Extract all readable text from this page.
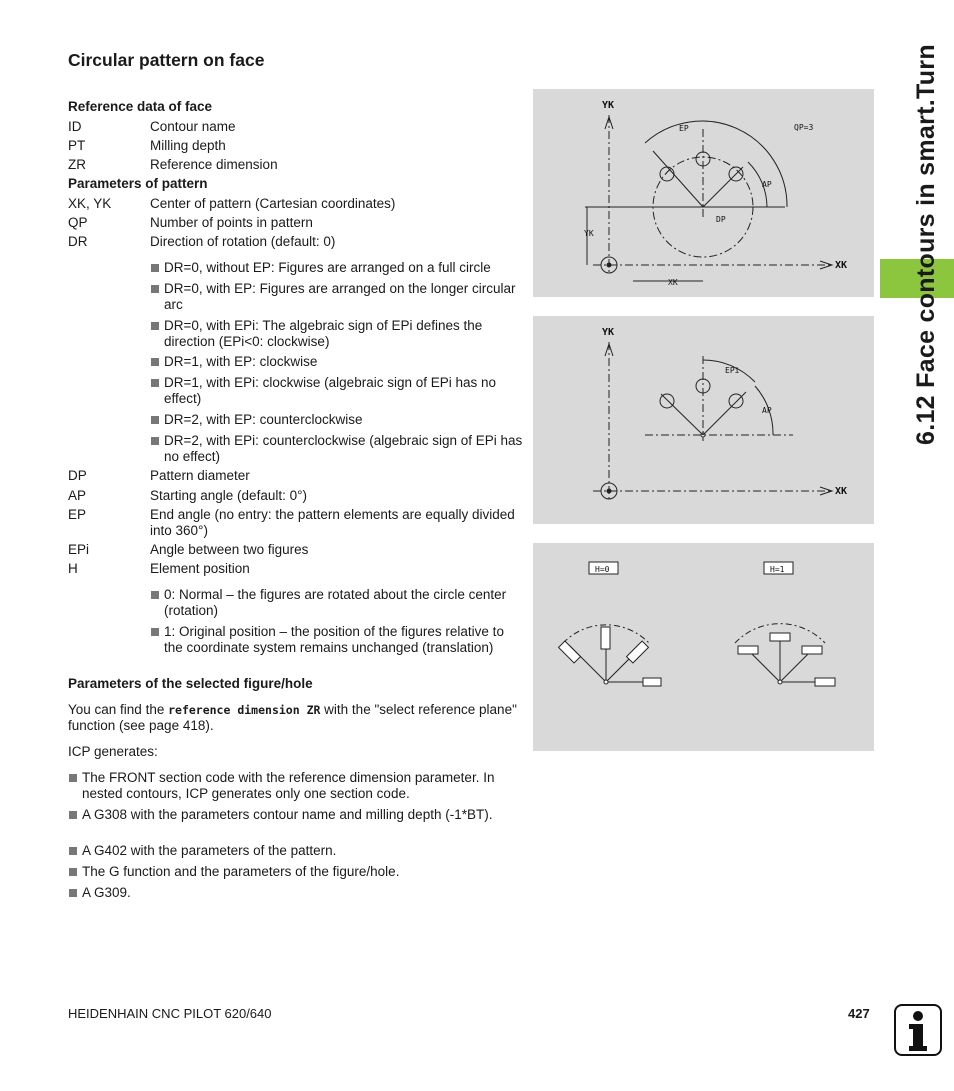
Circular pattern on face
Reference data of face
ID	Contour name
PT	Milling depth
ZR	Reference dimension
Parameters of pattern
XK, YK	Center of pattern (Cartesian coordinates)
QP	Number of points in pattern
DR	Direction of rotation (default: 0)
DR=0, without EP: Figures are arranged on a full circle
DR=0, with EP: Figures are arranged on the longer circular arc
DR=0, with EPi: The algebraic sign of EPi defines the direction (EPi<0: clockwise)
DR=1, with EP: clockwise
DR=1, with EPi: clockwise (algebraic sign of EPi has no effect)
DR=2, with EP: counterclockwise
DR=2, with EPi: counterclockwise (algebraic sign of EPi has no effect)
DP	Pattern diameter
AP	Starting angle (default: 0°)
EP	End angle (no entry: the pattern elements are equally divided into 360°)
EPi	Angle between two figures
H	Element position
0: Normal – the figures are rotated about the circle center (rotation)
1: Original position – the position of the figures relative to the coordinate system remains unchanged (translation)
Parameters of the selected figure/hole
You can find the reference dimension ZR with the "select reference plane" function (see page 418).
ICP generates:
The FRONT section code with the reference dimension parameter. In nested contours, ICP generates only one section code.
A G308 with the parameters contour name and milling depth (-1*BT).
A G402 with the parameters of the pattern.
The G function and the parameters of the figure/hole.
A G309.
YK
XK
EP	QP=3
AP
DP
YK
XK
YK
XK
EPi
AP
H=0	H=1
6.12 Face contours in smart.Turn
HEIDENHAIN CNC PILOT 620/640	427
